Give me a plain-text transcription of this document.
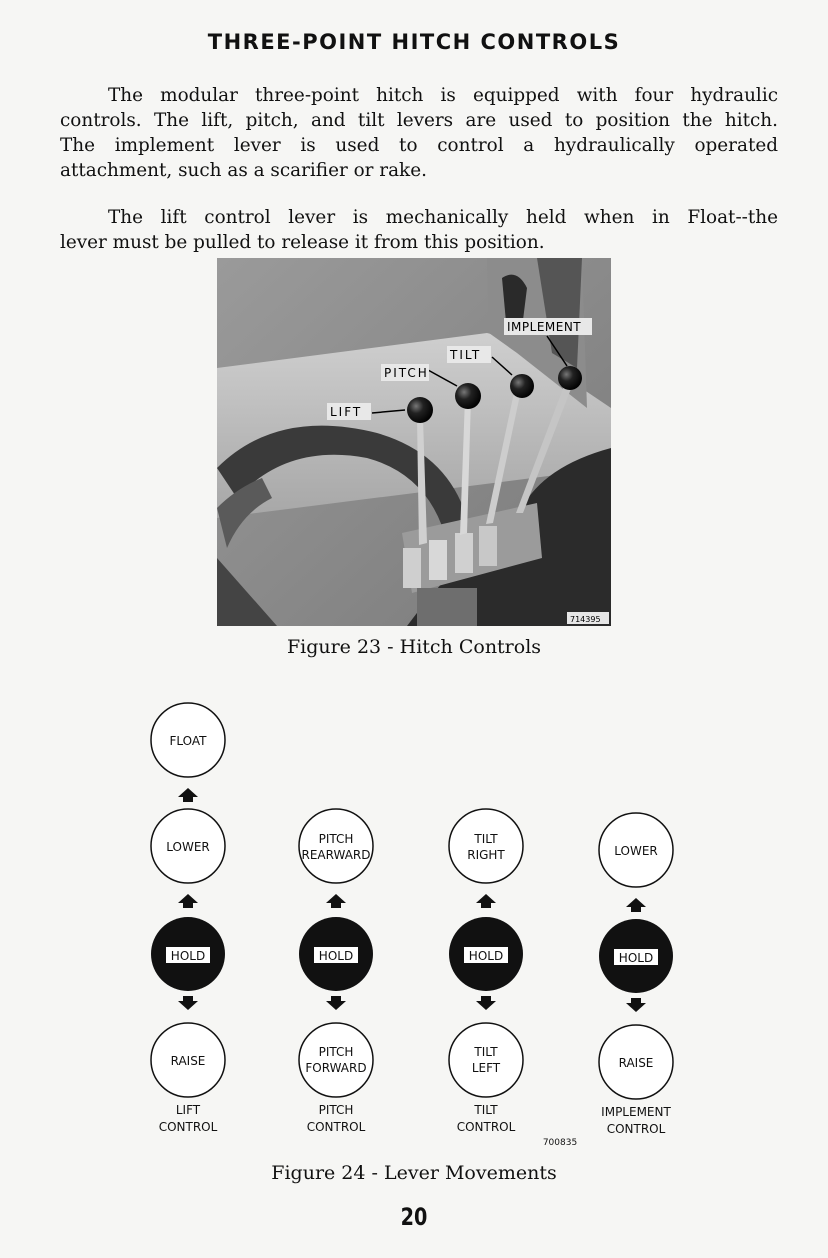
THREE-POINT HITCH CONTROLS
The modular three-point hitch is equipped with four hydraulic
controls. The lift, pitch, and tilt levers are used to position the hitch.
The implement lever is used to control a hydraulically operated
attachment, such as a scarifier or rake.
The lift control lever is mechanically held when in Float--the
lever must be pulled to release it from this position.
LIFT
PITCH
TILT
IMPLEMENT
714395
Figure 23 - Hitch Controls
FLOAT
LOWER
HOLD
RAISE
LIFT
CONTROL
PITCH
REARWARD
HOLD
PITCH
FORWARD
PITCH
CONTROL
TILT
RIGHT
HOLD
TILT
LEFT
TILT
CONTROL
LOWER
HOLD
RAISE
IMPLEMENT
CONTROL
700835
Figure 24 - Lever Movements
20
